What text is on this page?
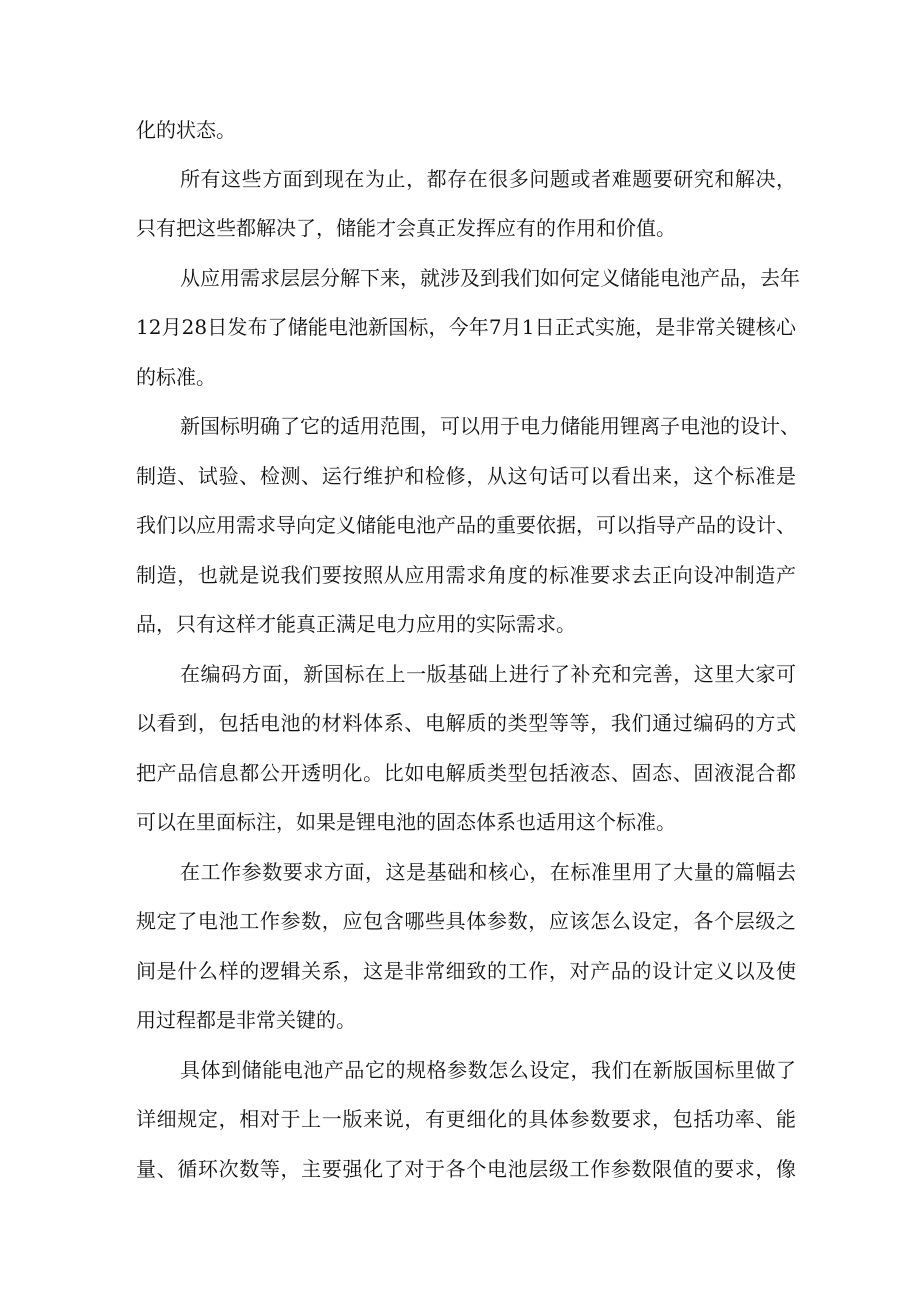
化的状态。
所有这些方面到现在为止，都存在很多问题或者难题要研究和解决，
只有把这些都解决了，储能才会真正发挥应有的作用和价值。
从应用需求层层分解下来，就涉及到我们如何定义储能电池产品，去年
12月28日发布了储能电池新国标，今年7月1日正式实施，是非常关键核心
的标准。
新国标明确了它的适用范围，可以用于电力储能用锂离子电池的设计、
制造、试验、检测、运行维护和检修，从这句话可以看出来，这个标准是
我们以应用需求导向定义储能电池产品的重要依据，可以指导产品的设计、
制造，也就是说我们要按照从应用需求角度的标准要求去正向设冲制造产
品，只有这样才能真正满足电力应用的实际需求。
在编码方面，新国标在上一版基础上进行了补充和完善，这里大家可
以看到，包括电池的材料体系、电解质的类型等等，我们通过编码的方式
把产品信息都公开透明化。比如电解质类型包括液态、固态、固液混合都
可以在里面标注，如果是锂电池的固态体系也适用这个标准。
在工作参数要求方面，这是基础和核心，在标准里用了大量的篇幅去
规定了电池工作参数，应包含哪些具体参数，应该怎么设定，各个层级之
间是什么样的逻辑关系，这是非常细致的工作，对产品的设计定义以及使
用过程都是非常关键的。
具体到储能电池产品它的规格参数怎么设定，我们在新版国标里做了
详细规定，相对于上一版来说，有更细化的具体参数要求，包括功率、能
量、循环次数等，主要强化了对于各个电池层级工作参数限值的要求，像
